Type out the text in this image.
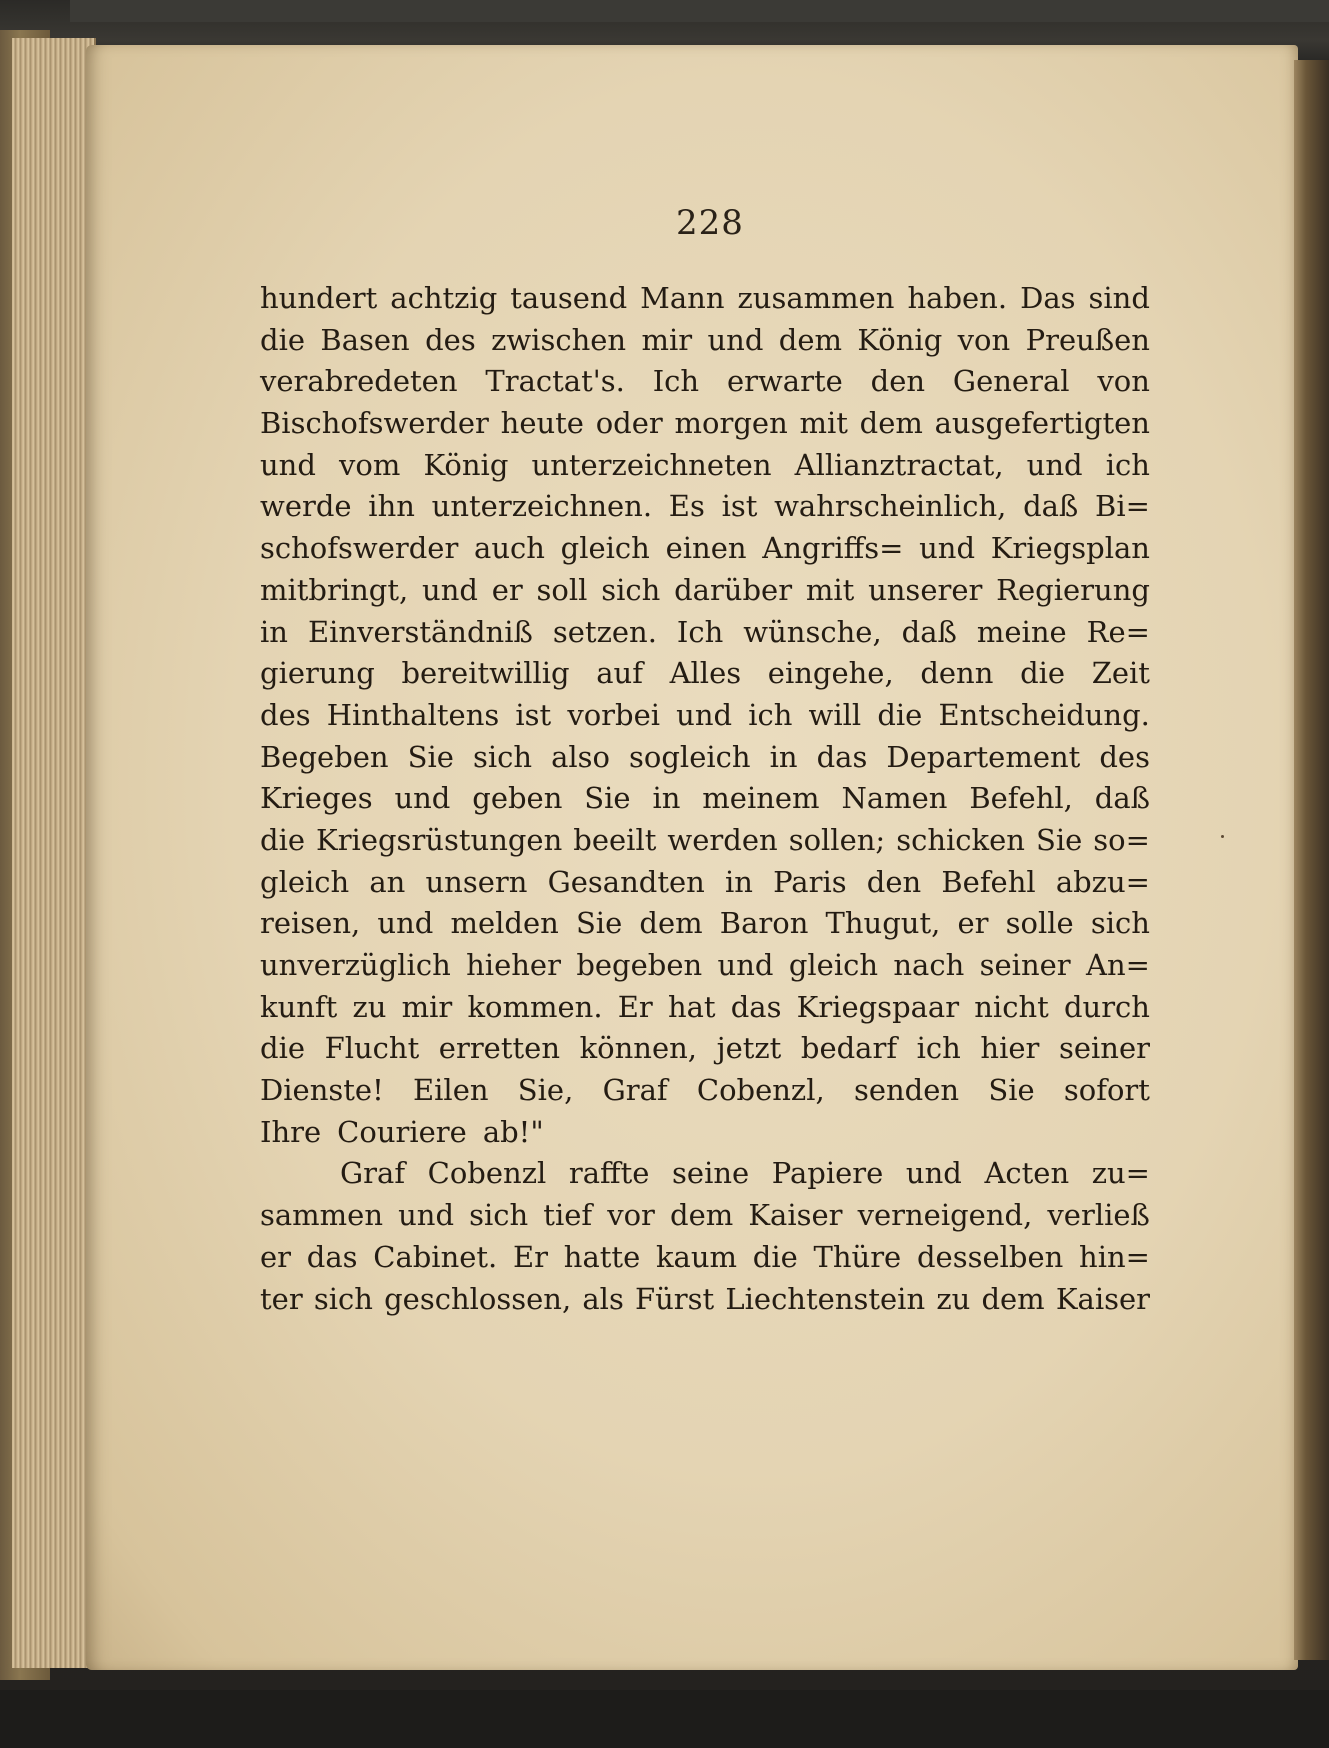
228
hundert achtzig tausend Mann zusammen haben. Das sind
die Basen des zwischen mir und dem König von Preußen
verabredeten Tractat's. Ich erwarte den General von
Bischofswerder heute oder morgen mit dem ausgefertigten
und vom König unterzeichneten Allianztractat, und ich
werde ihn unterzeichnen. Es ist wahrscheinlich, daß Bi=
schofswerder auch gleich einen Angriffs= und Kriegsplan
mitbringt, und er soll sich darüber mit unserer Regierung
in Einverständniß setzen. Ich wünsche, daß meine Re=
gierung bereitwillig auf Alles eingehe, denn die Zeit
des Hinthaltens ist vorbei und ich will die Entscheidung.
Begeben Sie sich also sogleich in das Departement des
Krieges und geben Sie in meinem Namen Befehl, daß
die Kriegsrüstungen beeilt werden sollen; schicken Sie so=
gleich an unsern Gesandten in Paris den Befehl abzu=
reisen, und melden Sie dem Baron Thugut, er solle sich
unverzüglich hieher begeben und gleich nach seiner An=
kunft zu mir kommen. Er hat das Kriegspaar nicht durch
die Flucht erretten können, jetzt bedarf ich hier seiner
Dienste! Eilen Sie, Graf Cobenzl, senden Sie sofort
Ihre Couriere ab!"
Graf Cobenzl raffte seine Papiere und Acten zu=
sammen und sich tief vor dem Kaiser verneigend, verließ
er das Cabinet. Er hatte kaum die Thüre desselben hin=
ter sich geschlossen, als Fürst Liechtenstein zu dem Kaiser
